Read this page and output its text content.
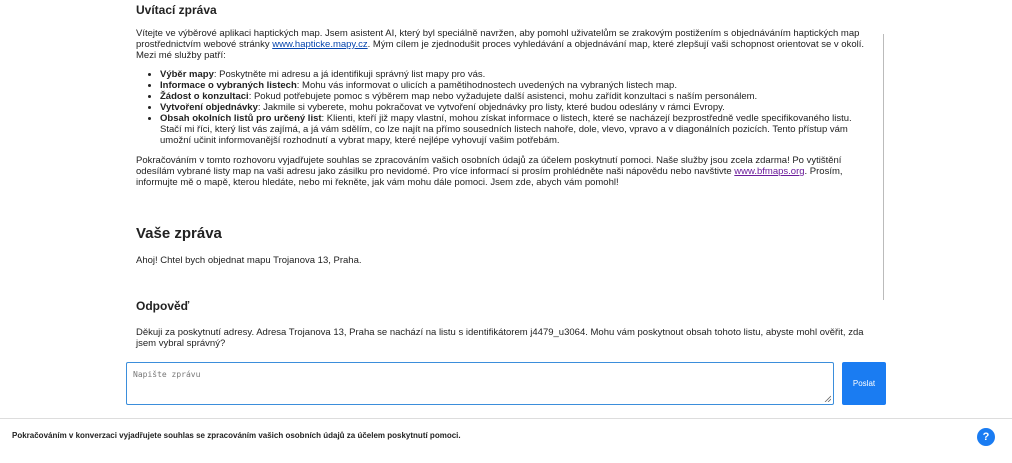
Uvítací zpráva

Vítejte ve výběrové aplikaci haptických map. Jsem asistent AI, který byl speciálně navržen, aby pomohl uživatelům se zrakovým postižením s objednáváním haptických map prostřednictvím webové stránky www.hapticke.mapy.cz. Mým cílem je zjednodušit proces vyhledávání a objednávání map, které zlepšují vaši schopnost orientovat se v okolí. Mezi mé služby patří:

• Výběr mapy: Poskytněte mi adresu a já identifikuji správný list mapy pro vás.
• Informace o vybraných listech: Mohu vás informovat o ulicích a pamětihodnostech uvedených na vybraných listech map.
• Žádost o konzultaci: Pokud potřebujete pomoc s výběrem map nebo vyžadujete další asistenci, mohu zařídit konzultaci s naším personálem.
• Vytvoření objednávky: Jakmile si vyberete, mohu pokračovat ve vytvoření objednávky pro listy, které budou odeslány v rámci Evropy.
• Obsah okolních listů pro určený list: Klienti, kteří již mapy vlastní, mohou získat informace o listech, které se nacházejí bezprostředně vedle specifikovaného listu. Stačí mi říci, který list vás zajímá, a já vám sdělím, co lze najít na přímo sousedních listech nahoře, dole, vlevo, vpravo a v diagonálních pozicích. Tento přístup vám umožní učinit informovanější rozhodnutí a vybrat mapy, které nejlépe vyhovují vašim potřebám.

Pokračováním v tomto rozhovoru vyjadřujete souhlas se zpracováním vašich osobních údajů za účelem poskytnutí pomoci. Naše služby jsou zcela zdarma! Po vytištění odesílám vybrané listy map na vaši adresu jako zásilku pro nevidomé. Pro více informací si prosím prohlédněte naši nápovědu nebo navštivte www.bfmaps.org. Prosím, informujte mě o mapě, kterou hledáte, nebo mi řekněte, jak vám mohu dále pomoci. Jsem zde, abych vám pomohl!

Vaše zpráva

Ahoj! Chtel bych objednat mapu Trojanova 13, Praha.

Odpověď

Děkuji za poskytnutí adresy. Adresa Trojanova 13, Praha se nachází na listu s identifikátorem j4479_u3064. Mohu vám poskytnout obsah tohoto listu, abyste mohl ověřit, zda jsem vybral správný?

Napište zprávu
Poslat
Pokračováním v konverzaci vyjadřujete souhlas se zpracováním vašich osobních údajů za účelem poskytnutí pomoci.	?
